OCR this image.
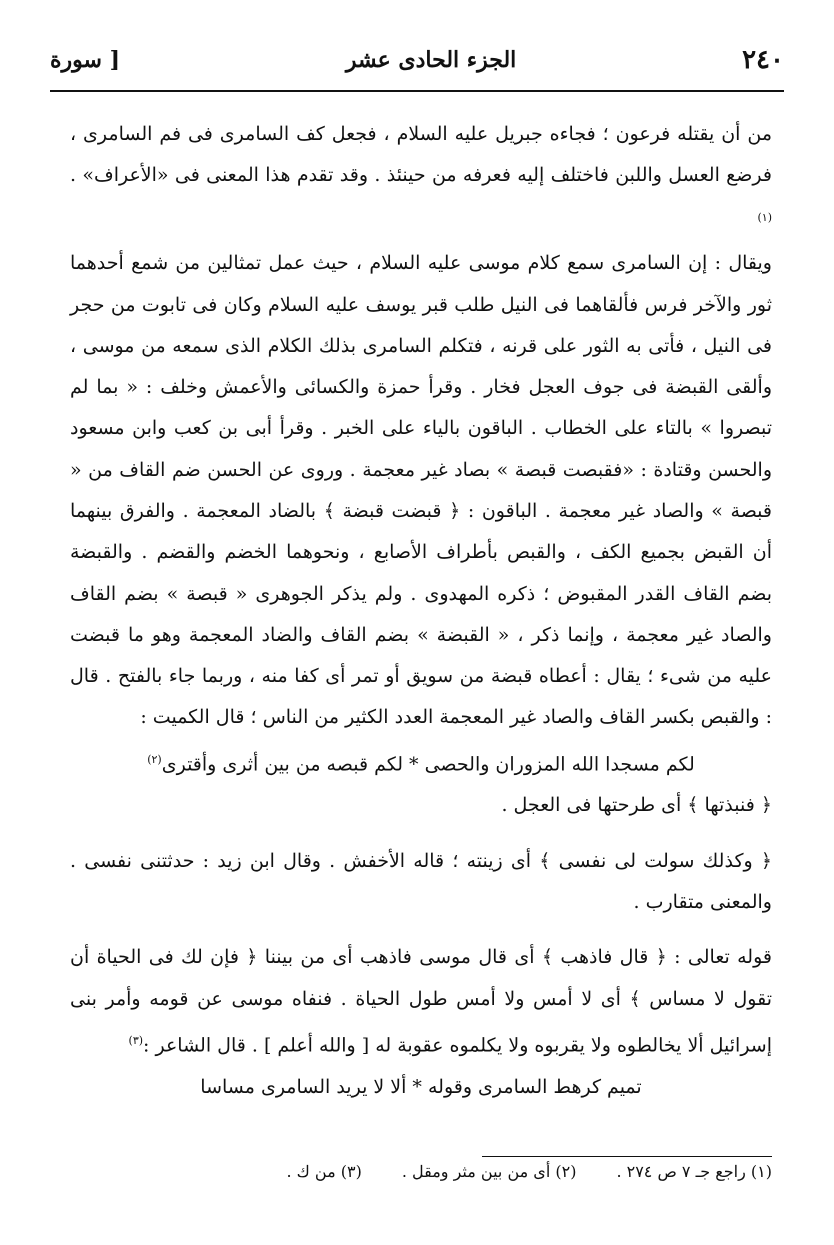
٢٤٠
الجزء الحادى عشر
[ سورة

من أن يقتله فرعون ؛ فجاءه جبريل عليه السلام ، فجعل كف السامرى فى فم السامرى ، فرضع العسل واللبن فاختلف إليه فعرفه من حينئذ . وقد تقدم هذا المعنى فى «الأعراف» .$^{(١)}$

ويقال : إن السامرى سمع كلام موسى عليه السلام ، حيث عمل تمثالين من شمع أحدهما ثور والآخر فرس فألقاهما فى النيل طلب قبر يوسف عليه السلام وكان فى تابوت من حجر فى النيل ، فأتى به الثور على قرنه ، فتكلم السامرى بذلك الكلام الذى سمعه من موسى ، وألقى القبضة فى جوف العجل فخار . وقرأ حمزة والكسائى والأعمش وخلف : « بما لم تبصروا » بالتاء على الخطاب . الباقون بالياء على الخبر . وقرأ أبى بن كعب وابن مسعود والحسن وقتادة : «فقبصت قبصة » بصاد غير معجمة . وروى عن الحسن ضم القاف من « قبصة » والصاد غير معجمة . الباقون : ﴿ قبضت قبضة ﴾ بالضاد المعجمة . والفرق بينهما أن القبض بجميع الكف ، والقبص بأطراف الأصابع ، ونحوهما الخضم والقضم . والقبضة بضم القاف القدر المقبوض ؛ ذكره المهدوى . ولم يذكر الجوهرى « قبصة » بضم القاف والصاد غير معجمة ، وإنما ذكر ، « القبضة » بضم القاف والضاد المعجمة وهو ما قبضت عليه من شىء ؛ يقال : أعطاه قبضة من سويق أو تمر أى كفا منه ، وربما جاء بالفتح . قال : والقبص بكسر القاف والصاد غير المعجمة العدد الكثير من الناس ؛ قال الكميت :

لكم مسجدا الله المزوران والحصى * لكم قبصه من بين أثرى وأقترى$^{(٢)}$

﴿ فنبذتها ﴾ أى طرحتها فى العجل .

﴿ وكذلك سولت لى نفسى ﴾ أى زينته ؛ قاله الأخفش . وقال ابن زيد : حدثتنى نفسى . والمعنى متقارب .

قوله تعالى : ﴿ قال فاذهب ﴾ أى قال موسى فاذهب أى من بيننا ﴿ فإن لك فى الحياة أن تقول لا مساس ﴾ أى لا أمس ولا أمس طول الحياة . فنفاه موسى عن قومه وأمر بنى إسرائيل ألا يخالطوه ولا يقربوه ولا يكلموه عقوبة له [ والله أعلم ] . قال الشاعر :$^{(٣)}$

تميم كرهط السامرى وقوله * ألا لا يريد السامرى مساسا

(١) راجع جـ ٧ ص ٢٧٤ .
(٢) أى من بين مثر ومقل .
(٣) من ك .
